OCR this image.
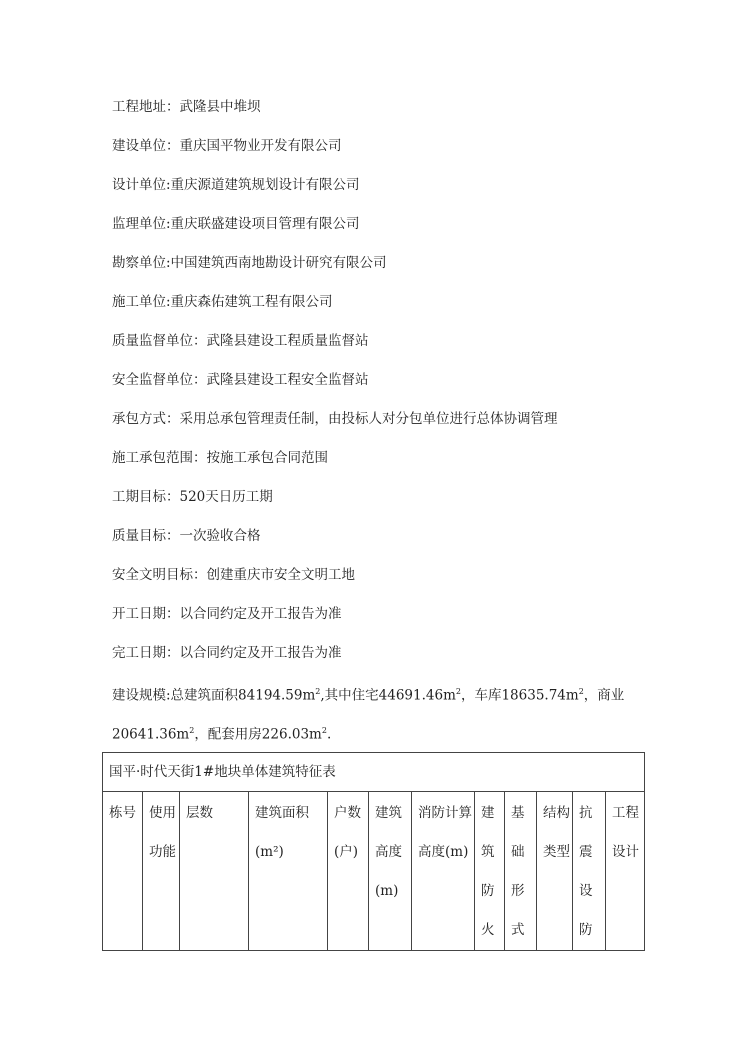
工程地址：武隆县中堆坝
建设单位：重庆国平物业开发有限公司
设计单位:重庆源道建筑规划设计有限公司
监理单位:重庆联盛建设项目管理有限公司
勘察单位:中国建筑西南地勘设计研究有限公司
施工单位:重庆森佑建筑工程有限公司
质量监督单位：武隆县建设工程质量监督站
安全监督单位：武隆县建设工程安全监督站
承包方式：采用总承包管理责任制，由投标人对分包单位进行总体协调管理
施工承包范围：按施工承包合同范围
工期目标：520天日历工期
质量目标：一次验收合格
安全文明目标：创建重庆市安全文明工地
开工日期：以合同约定及开工报告为准
完工日期：以合同约定及开工报告为准
建设规模:总建筑面积$84194.59m^2$,其中住宅$44691.46m^2$，车库$18635.74m^2$，商业
$20641.36m^2$，配套用房$226.03m^2$.
国平·时代天街1#地块单体建筑特征表
栋号	使用功能	层数	建筑面积(m²)	户数(户)	建筑高度(m)	消防计算高度(m)	建筑防火	基础形式	结构类型	抗震设防	工程设计
